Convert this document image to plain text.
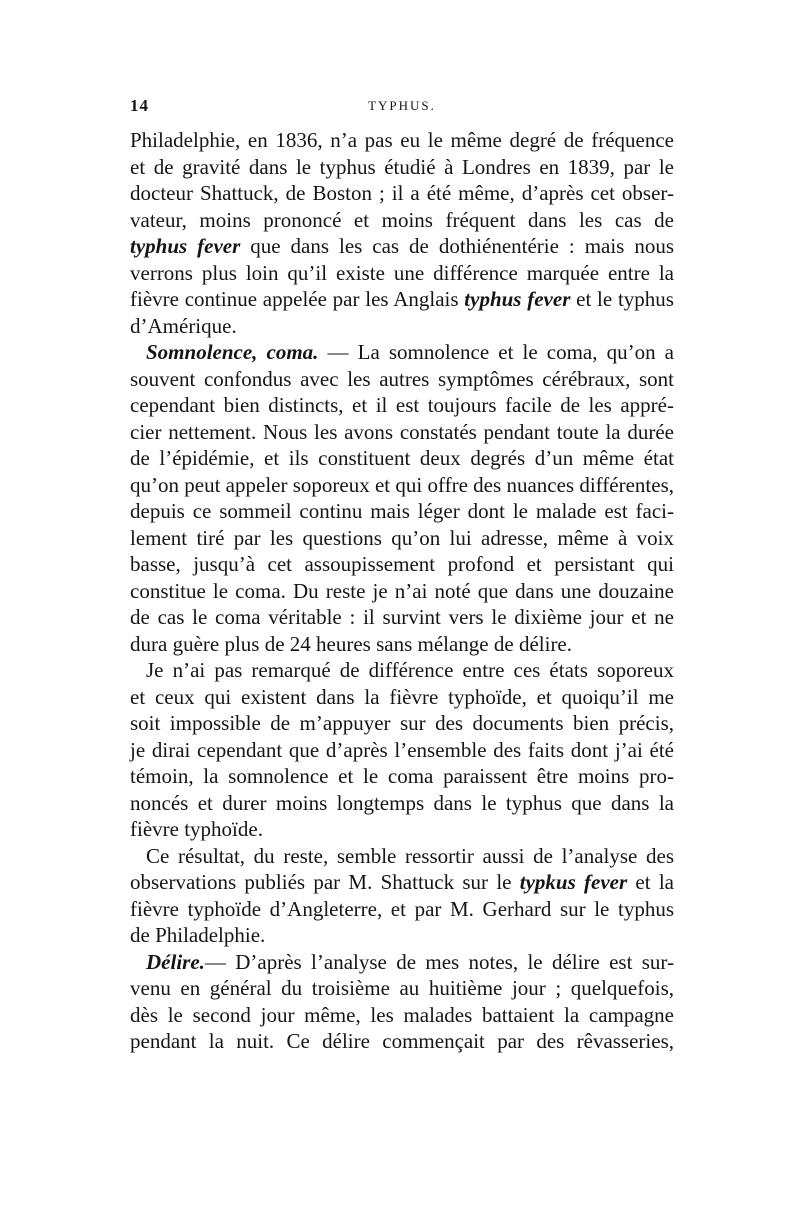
14	TYPHUS.
Philadelphie, en 1836, n’a pas eu le même degré de fréquence
et de gravité dans le typhus étudié à Londres en 1839, par le
docteur Shattuck, de Boston ; il a été même, d’après cet obser-
vateur, moins prononcé et moins fréquent dans les cas de
typhus fever que dans les cas de dothiénentérie : mais nous
verrons plus loin qu’il existe une différence marquée entre la
fièvre continue appelée par les Anglais typhus fever et le typhus
d’Amérique.
Somnolence, coma. — La somnolence et le coma, qu’on a
souvent confondus avec les autres symptômes cérébraux, sont
cependant bien distincts, et il est toujours facile de les appré-
cier nettement. Nous les avons constatés pendant toute la durée
de l’épidémie, et ils constituent deux degrés d’un même état
qu’on peut appeler soporeux et qui offre des nuances différentes,
depuis ce sommeil continu mais léger dont le malade est faci-
lement tiré par les questions qu’on lui adresse, même à voix
basse, jusqu’à cet assoupissement profond et persistant qui
constitue le coma. Du reste je n’ai noté que dans une douzaine
de cas le coma véritable : il survint vers le dixième jour et ne
dura guère plus de 24 heures sans mélange de délire.
Je n’ai pas remarqué de différence entre ces états soporeux
et ceux qui existent dans la fièvre typhoïde, et quoiqu’il me
soit impossible de m’appuyer sur des documents bien précis,
je dirai cependant que d’après l’ensemble des faits dont j’ai été
témoin, la somnolence et le coma paraissent être moins pro-
noncés et durer moins longtemps dans le typhus que dans la
fièvre typhoïde.
Ce résultat, du reste, semble ressortir aussi de l’analyse des
observations publiés par M. Shattuck sur le typkus fever et la
fièvre typhoïde d’Angleterre, et par M. Gerhard sur le typhus
de Philadelphie.
Délire.— D’après l’analyse de mes notes, le délire est sur-
venu en général du troisième au huitième jour ; quelquefois,
dès le second jour même, les malades battaient la campagne
pendant la nuit. Ce délire commençait par des rêvasseries,
